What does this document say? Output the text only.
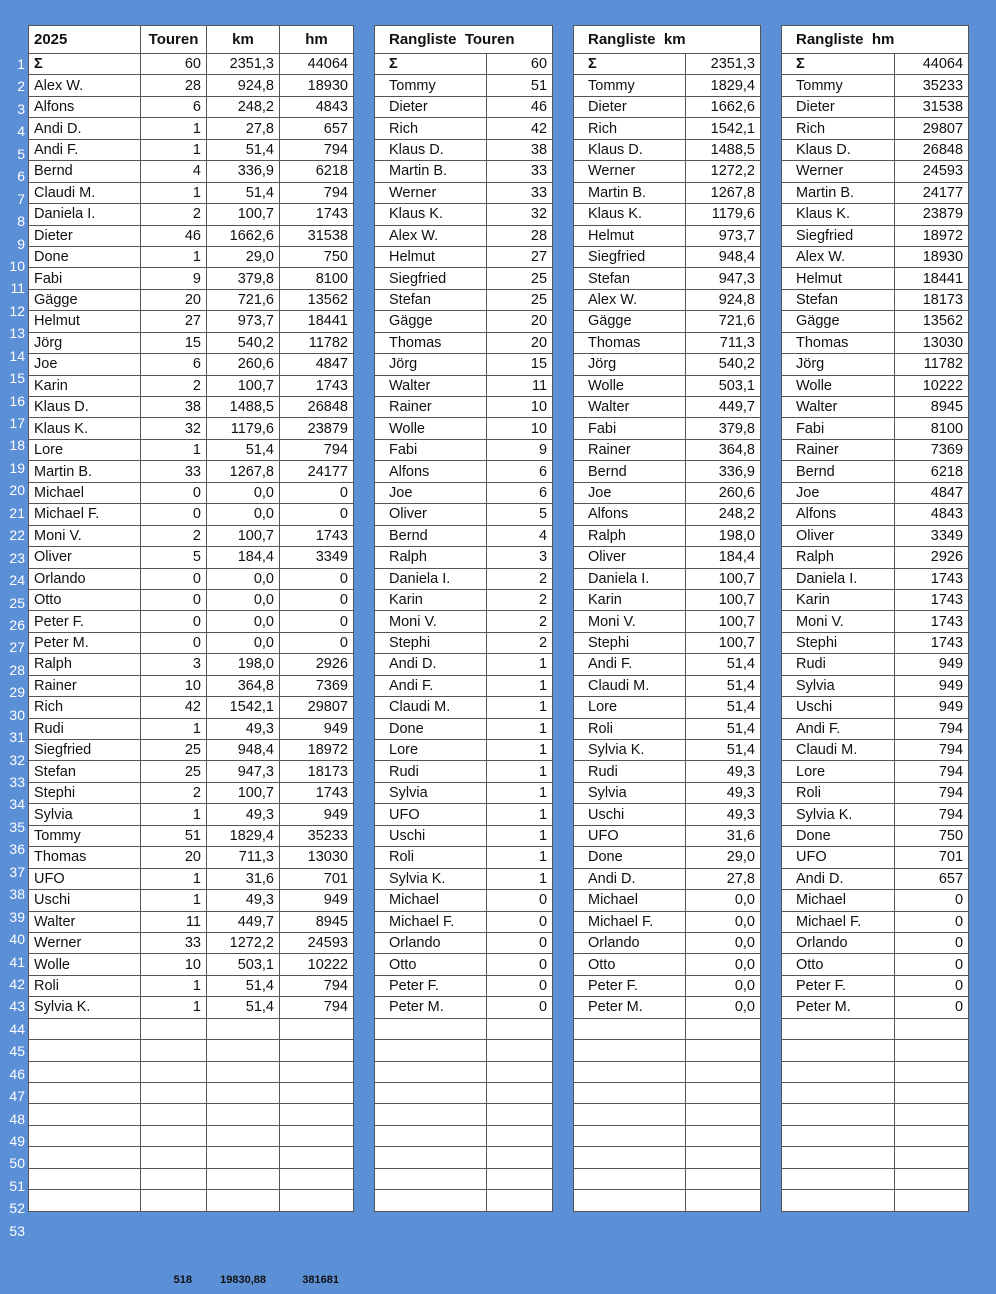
1
2
3
4
5
6
7
8
9
10
11
12
13
14
15
16
17
18
19
20
21
22
23
24
25
26
27
28
29
30
31
32
33
34
35
36
37
38
39
40
41
42
43
44
45
46
47
48
49
50
51
52
53
2025	Touren	km	hm
Σ	60	2351,3	44064
Alex W.	28	924,8	18930
Alfons	6	248,2	4843
Andi D.	1	27,8	657
Andi F.	1	51,4	794
Bernd	4	336,9	6218
Claudi M.	1	51,4	794
Daniela I.	2	100,7	1743
Dieter	46	1662,6	31538
Done	1	29,0	750
Fabi	9	379,8	8100
Gägge	20	721,6	13562
Helmut	27	973,7	18441
Jörg	15	540,2	11782
Joe	6	260,6	4847
Karin	2	100,7	1743
Klaus D.	38	1488,5	26848
Klaus K.	32	1179,6	23879
Lore	1	51,4	794
Martin B.	33	1267,8	24177
Michael	0	0,0	0
Michael F.	0	0,0	0
Moni V.	2	100,7	1743
Oliver	5	184,4	3349
Orlando	0	0,0	0
Otto	0	0,0	0
Peter F.	0	0,0	0
Peter M.	0	0,0	0
Ralph	3	198,0	2926
Rainer	10	364,8	7369
Rich	42	1542,1	29807
Rudi	1	49,3	949
Siegfried	25	948,4	18972
Stefan	25	947,3	18173
Stephi	2	100,7	1743
Sylvia	1	49,3	949
Tommy	51	1829,4	35233
Thomas	20	711,3	13030
UFO	1	31,6	701
Uschi	1	49,3	949
Walter	11	449,7	8945
Werner	33	1272,2	24593
Wolle	10	503,1	10222
Roli	1	51,4	794
Sylvia K.	1	51,4	794

Rangliste  Touren	
Σ	60
Tommy	51
Dieter	46
Rich	42
Klaus D.	38
Martin B.	33
Werner	33
Klaus K.	32
Alex W.	28
Helmut	27
Siegfried	25
Stefan	25
Gägge	20
Thomas	20
Jörg	15
Walter	11
Rainer	10
Wolle	10
Fabi	9
Alfons	6
Joe	6
Oliver	5
Bernd	4
Ralph	3
Daniela I.	2
Karin	2
Moni V.	2
Stephi	2
Andi D.	1
Andi F.	1
Claudi M.	1
Done	1
Lore	1
Rudi	1
Sylvia	1
UFO	1
Uschi	1
Roli	1
Sylvia K.	1
Michael	0
Michael F.	0
Orlando	0
Otto	0
Peter F.	0
Peter M.	0

Rangliste  km	
Σ	2351,3
Tommy	1829,4
Dieter	1662,6
Rich	1542,1
Klaus D.	1488,5
Werner	1272,2
Martin B.	1267,8
Klaus K.	1179,6
Helmut	973,7
Siegfried	948,4
Stefan	947,3
Alex W.	924,8
Gägge	721,6
Thomas	711,3
Jörg	540,2
Wolle	503,1
Walter	449,7
Fabi	379,8
Rainer	364,8
Bernd	336,9
Joe	260,6
Alfons	248,2
Ralph	198,0
Oliver	184,4
Daniela I.	100,7
Karin	100,7
Moni V.	100,7
Stephi	100,7
Andi F.	51,4
Claudi M.	51,4
Lore	51,4
Roli	51,4
Sylvia K.	51,4
Rudi	49,3
Sylvia	49,3
Uschi	49,3
UFO	31,6
Done	29,0
Andi D.	27,8
Michael	0,0
Michael F.	0,0
Orlando	0,0
Otto	0,0
Peter F.	0,0
Peter M.	0,0

Rangliste  hm	
Σ	44064
Tommy	35233
Dieter	31538
Rich	29807
Klaus D.	26848
Werner	24593
Martin B.	24177
Klaus K.	23879
Siegfried	18972
Alex W.	18930
Helmut	18441
Stefan	18173
Gägge	13562
Thomas	13030
Jörg	11782
Wolle	10222
Walter	8945
Fabi	8100
Rainer	7369
Bernd	6218
Joe	4847
Alfons	4843
Oliver	3349
Ralph	2926
Daniela I.	1743
Karin	1743
Moni V.	1743
Stephi	1743
Rudi	949
Sylvia	949
Uschi	949
Andi F.	794
Claudi M.	794
Lore	794
Roli	794
Sylvia K.	794
Done	750
UFO	701
Andi D.	657
Michael	0
Michael F.	0
Orlando	0
Otto	0
Peter F.	0
Peter M.	0

518	19830,88	381681
